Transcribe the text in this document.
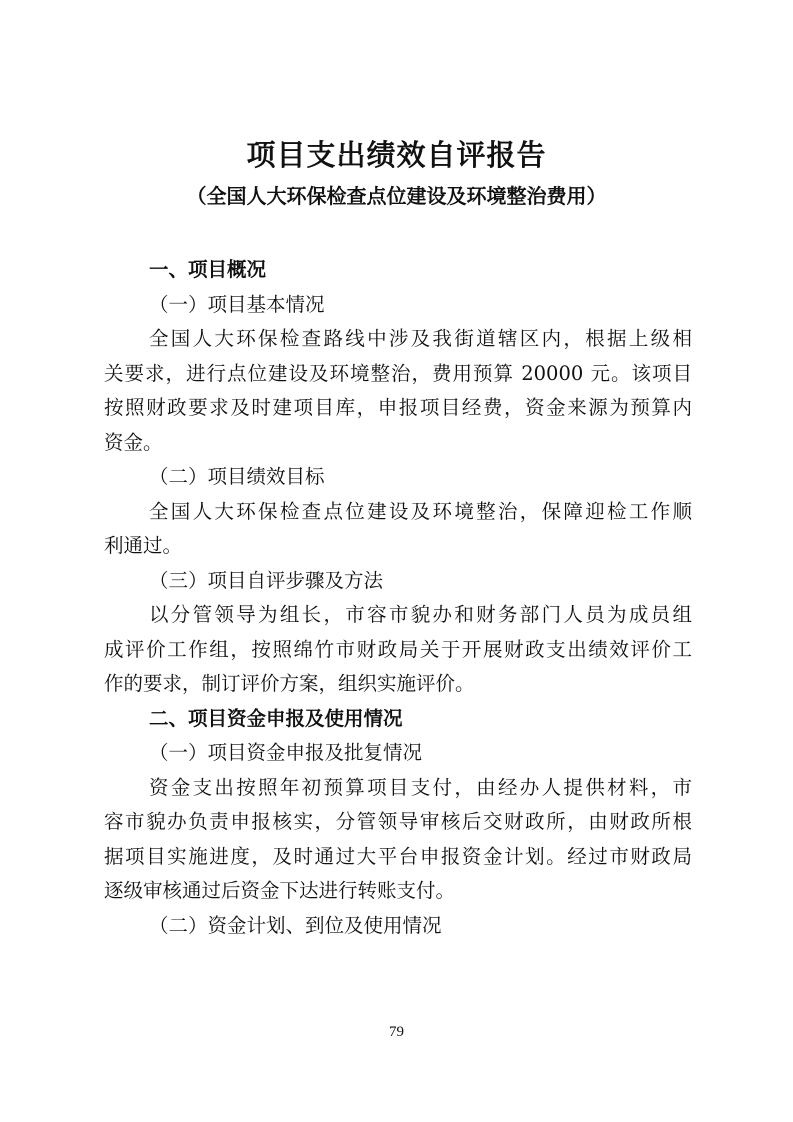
项目支出绩效自评报告
（全国人大环保检查点位建设及环境整治费用）
一、项目概况
（一）项目基本情况
全国人大环保检查路线中涉及我街道辖区内，根据上级相
关要求，进行点位建设及环境整治，费用预算 20000 元。该项目
按照财政要求及时建项目库，申报项目经费，资金来源为预算内
资金。
（二）项目绩效目标
全国人大环保检查点位建设及环境整治，保障迎检工作顺
利通过。
（三）项目自评步骤及方法
以分管领导为组长，市容市貌办和财务部门人员为成员组
成评价工作组，按照绵竹市财政局关于开展财政支出绩效评价工
作的要求，制订评价方案，组织实施评价。
二、项目资金申报及使用情况
（一）项目资金申报及批复情况
资金支出按照年初预算项目支付，由经办人提供材料，市
容市貌办负责申报核实，分管领导审核后交财政所，由财政所根
据项目实施进度，及时通过大平台申报资金计划。经过市财政局
逐级审核通过后资金下达进行转账支付。
（二）资金计划、到位及使用情况
79
